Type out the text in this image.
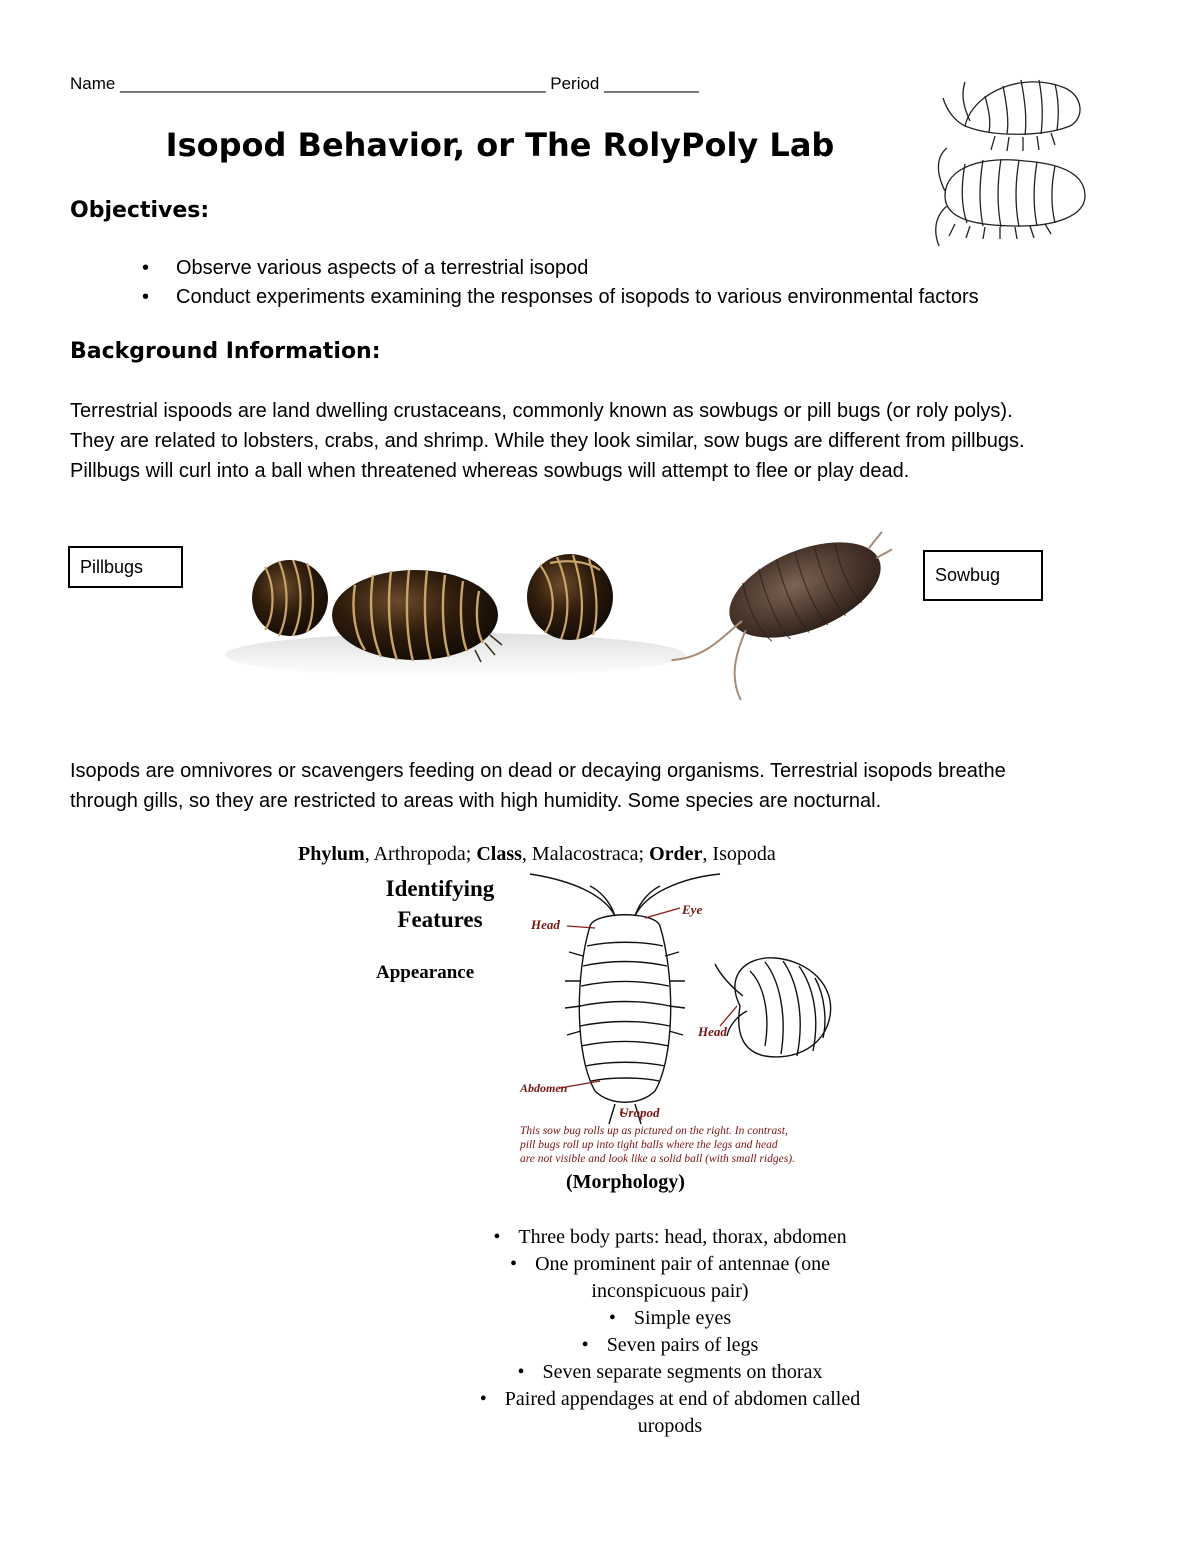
Name _____________________________________________ Period __________
Isopod Behavior, or The RolyPoly Lab
Objectives:
• Observe various aspects of a terrestrial isopod
• Conduct experiments examining the responses of isopods to various environmental factors
Background Information:
Terrestrial ispoods are land dwelling crustaceans, commonly known as sowbugs or pill bugs (or roly polys).
They are related to lobsters, crabs, and shrimp. While they look similar, sow bugs are different from pillbugs.
Pillbugs will curl into a ball when threatened whereas sowbugs will attempt to flee or play dead.
Pillbugs	Sowbug
Isopods are omnivores or scavengers feeding on dead or decaying organisms. Terrestrial isopods breathe
through gills, so they are restricted to areas with high humidity. Some species are nocturnal.
Phylum, Arthropoda; Class, Malacostraca; Order, Isopoda
Identifying
Features
Appearance
Head
Eye
Head
Abdomen
Uropod
This sow bug rolls up as pictured on the right. In contrast,
pill bugs roll up into tight balls where the legs and head
are not visible and look like a solid ball (with small ridges).
(Morphology)
• Three body parts: head, thorax, abdomen
• One prominent pair of antennae (one
inconspicuous pair)
• Simple eyes
• Seven pairs of legs
• Seven separate segments on thorax
• Paired appendages at end of abdomen called
uropods
